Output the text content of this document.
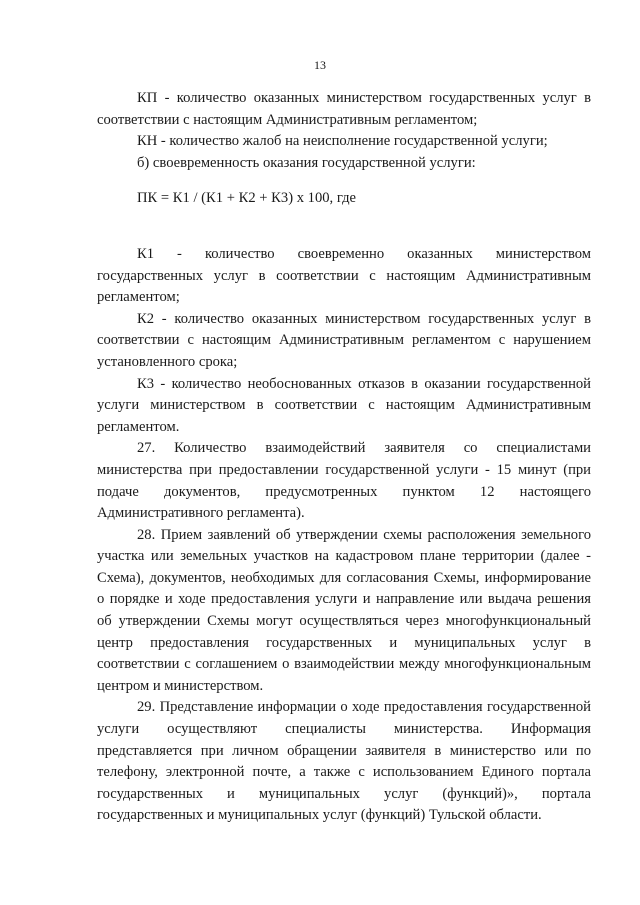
13

КП - количество оказанных министерством государственных услуг в соответствии с настоящим Административным регламентом;

КН - количество жалоб на неисполнение государственной услуги;

б) своевременность оказания государственной услуги:

ПК = К1 / (К1 + К2 + К3) х 100, где

К1 - количество своевременно оказанных министерством государственных услуг в соответствии с настоящим Административным регламентом;

К2 - количество оказанных министерством государственных услуг в соответствии с настоящим Административным регламентом с нарушением установленного срока;

К3 - количество необоснованных отказов в оказании государственной услуги министерством в соответствии с настоящим Административным регламентом.

27. Количество взаимодействий заявителя со специалистами министерства при предоставлении государственной услуги - 15 минут (при подаче документов, предусмотренных пунктом 12 настоящего Административного регламента).

28. Прием заявлений об утверждении схемы расположения земельного участка или земельных участков на кадастровом плане территории (далее - Схема), документов, необходимых для согласования Схемы, информирование о порядке и ходе предоставления услуги и направление или выдача решения об утверждении Схемы могут осуществляться через многофункциональный центр предоставления государственных и муниципальных услуг в соответствии с соглашением о взаимодействии между многофункциональным центром и министерством.

29. Представление информации о ходе предоставления государственной услуги осуществляют специалисты министерства. Информация представляется при личном обращении заявителя в министерство или по телефону, электронной почте, а также с использованием Единого портала государственных и муниципальных услуг (функций)», портала государственных и муниципальных услуг (функций) Тульской области.
